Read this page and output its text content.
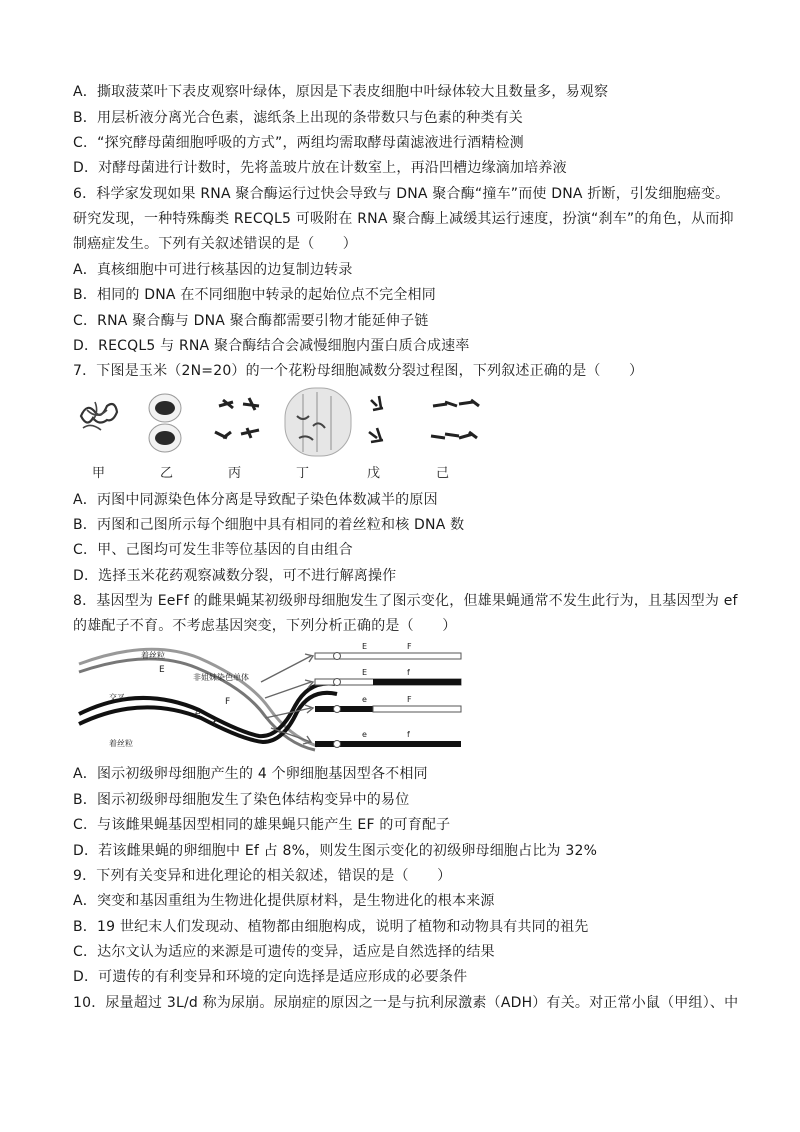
A．撕取菠菜叶下表皮观察叶绿体，原因是下表皮细胞中叶绿体较大且数量多，易观察
B．用层析液分离光合色素，滤纸条上出现的条带数只与色素的种类有关
C．“探究酵母菌细胞呼吸的方式”，两组均需取酵母菌滤液进行酒精检测
D．对酵母菌进行计数时，先将盖玻片放在计数室上，再沿凹槽边缘滴加培养液
6．科学家发现如果 RNA 聚合酶运行过快会导致与 DNA 聚合酶“撞车”而使 DNA 折断，引发细胞癌变。
研究发现，一种特殊酶类 RECQL5 可吸附在 RNA 聚合酶上减缓其运行速度，扮演“刹车”的角色，从而抑
制癌症发生。下列有关叙述错误的是（　　）
A．真核细胞中可进行核基因的边复制边转录
B．相同的 DNA 在不同细胞中转录的起始位点不完全相同
C．RNA 聚合酶与 DNA 聚合酶都需要引物才能延伸子链
D．RECQL5 与 RNA 聚合酶结合会减慢细胞内蛋白质合成速率
7．下图是玉米（2N=20）的一个花粉母细胞减数分裂过程图，下列叙述正确的是（　　）
甲	乙	丙	丁	戊	己
A．丙图中同源染色体分离是导致配子染色体数减半的原因
B．丙图和己图所示每个细胞中具有相同的着丝粒和核 DNA 数
C．甲、己图均可发生非等位基因的自由组合
D．选择玉米花药观察减数分裂，可不进行解离操作
8．基因型为 EeFf 的雌果蝇某初级卵母细胞发生了图示变化，但雄果蝇通常不发生此行为，且基因型为 ef
的雄配子不育。不考虑基因突变，下列分析正确的是（　　）
着丝粒
非姐妹染色单体
交叉
着丝粒
E
F
e
f
E	F
E	f
e	F
e	f
A．图示初级卵母细胞产生的 4 个卵细胞基因型各不相同
B．图示初级卵母细胞发生了染色体结构变异中的易位
C．与该雌果蝇基因型相同的雄果蝇只能产生 EF 的可育配子
D．若该雌果蝇的卵细胞中 Ef 占 8%，则发生图示变化的初级卵母细胞占比为 32%
9．下列有关变异和进化理论的相关叙述，错误的是（　　）
A．突变和基因重组为生物进化提供原材料，是生物进化的根本来源
B．19 世纪末人们发现动、植物都由细胞构成，说明了植物和动物具有共同的祖先
C．达尔文认为适应的来源是可遗传的变异，适应是自然选择的结果
D．可遗传的有利变异和环境的定向选择是适应形成的必要条件
10．尿量超过 3L/d 称为尿崩。尿崩症的原因之一是与抗利尿激素（ADH）有关。对正常小鼠（甲组）、中
